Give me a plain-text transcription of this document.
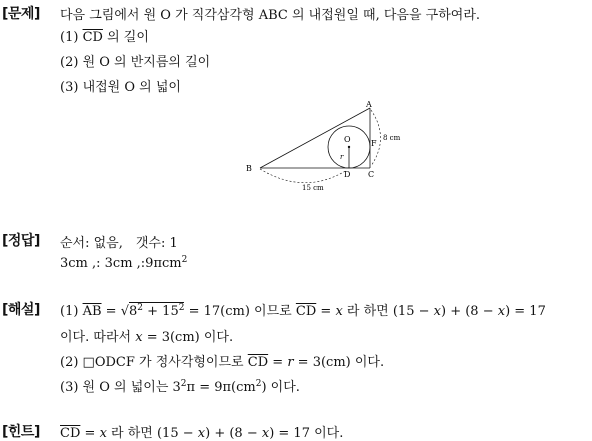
[문제] 다음 그림에서 원 O 가 직각삼각형 ABC 의 내접원일 때, 다음을 구하여라.
(1) $\overline{CD}$ 의 길이
(2) 원 O 의 반지름의 길이
(3) 내접원 O 의 넓이
A
B
C
D
F
O
r
15 cm
8 cm
[정답] 순서: 없음,　갯수: 1
3cm ,: 3cm ,:9πcm$^2$
[해설] (1) $\overline{AB} = √8^2 + 15^2 = 17(cm)$ 이므로 $\overline{CD} = x$ 라 하면 (15 − x) + (8 − x) = 17
이다. 따라서 x = 3(cm) 이다.
(2) □ODCF 가 정사각형이므로 $\overline{CD} = r = 3(cm)$ 이다.
(3) 원 O 의 넓이는 $3^2\pi = 9\pi(cm^2)$ 이다.
[힌트] $\overline{CD} = x$ 라 하면 (15 − x) + (8 − x) = 17 이다.
